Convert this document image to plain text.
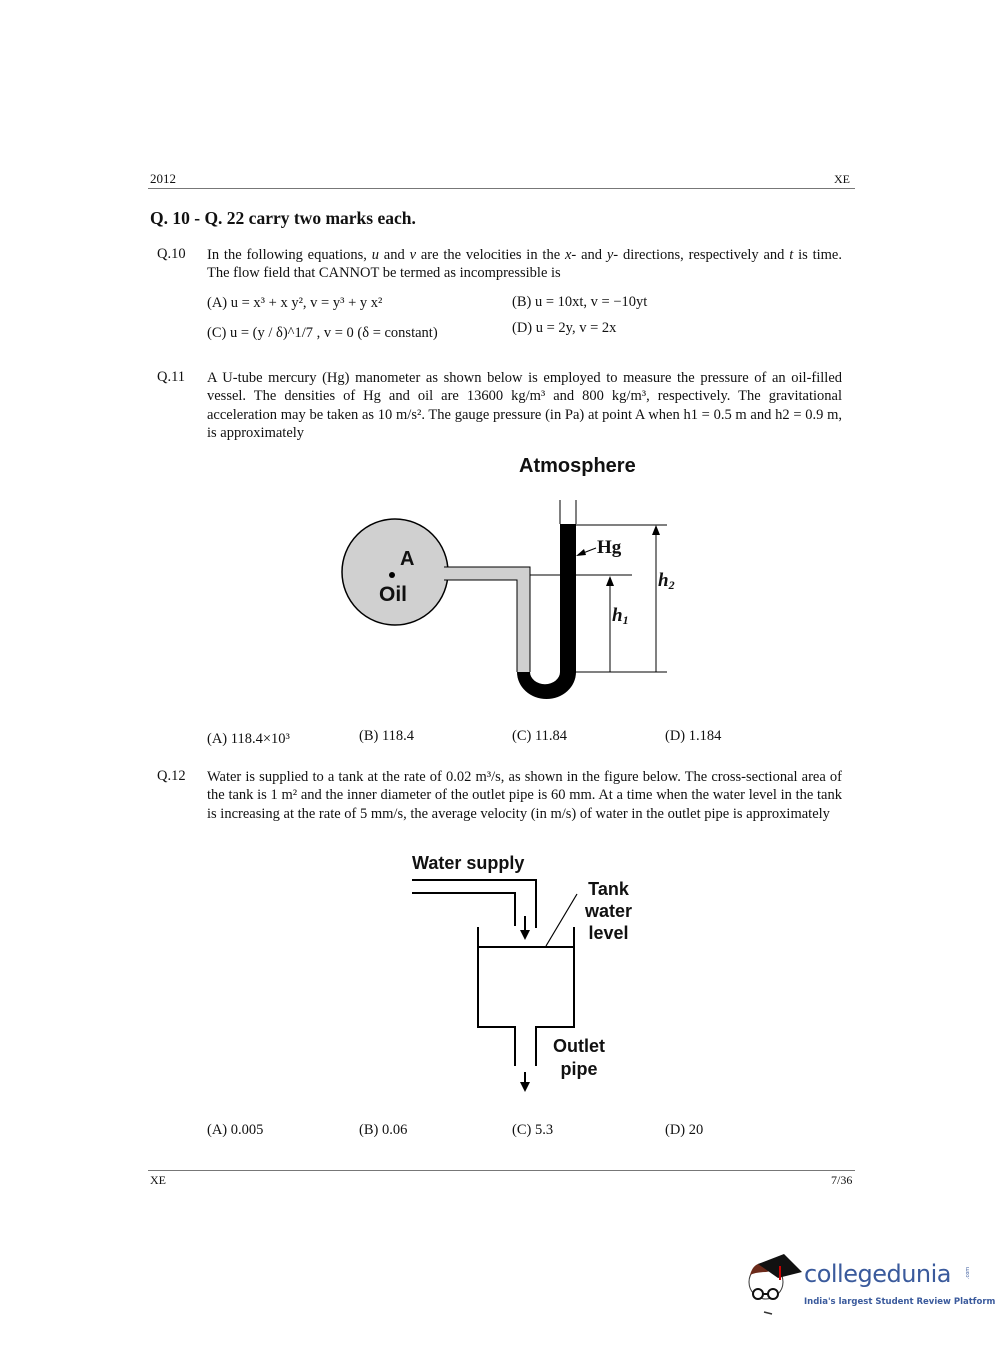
2012	XE
Q. 10 - Q. 22 carry two marks each.
Q.10 In the following equations, u and v are the velocities in the x- and y- directions, respectively and t is time. The flow field that CANNOT be termed as incompressible is
(A) u = x³ + x y², v = y³ + y x²	(B) u = 10xt, v = −10yt
(C) u = (y / δ)^1/7 , v = 0 (δ = constant)	(D) u = 2y, v = 2x
Q.11 A U-tube mercury (Hg) manometer as shown below is employed to measure the pressure of an oil-filled vessel. The densities of Hg and oil are 13600 kg/m³ and 800 kg/m³, respectively. The gravitational acceleration may be taken as 10 m/s². The gauge pressure (in Pa) at point A when h1 = 0.5 m and h2 = 0.9 m, is approximately
Atmosphere
A
Oil
Hg
$h_2$
$h_1$
(A) 118.4×10³	(B) 118.4	(C) 11.84	(D) 1.184
Q.12 Water is supplied to a tank at the rate of 0.02 m³/s, as shown in the figure below. The cross-sectional area of the tank is 1 m² and the inner diameter of the outlet pipe is 60 mm. At a time when the water level in the tank is increasing at the rate of 5 mm/s, the average velocity (in m/s) of water in the outlet pipe is approximately
Water supply
Tank
water
level
Outlet
pipe
(A) 0.005	(B) 0.06	(C) 5.3	(D) 20
XE	7/36
collegedunia	.com
India's largest Student Review Platform
